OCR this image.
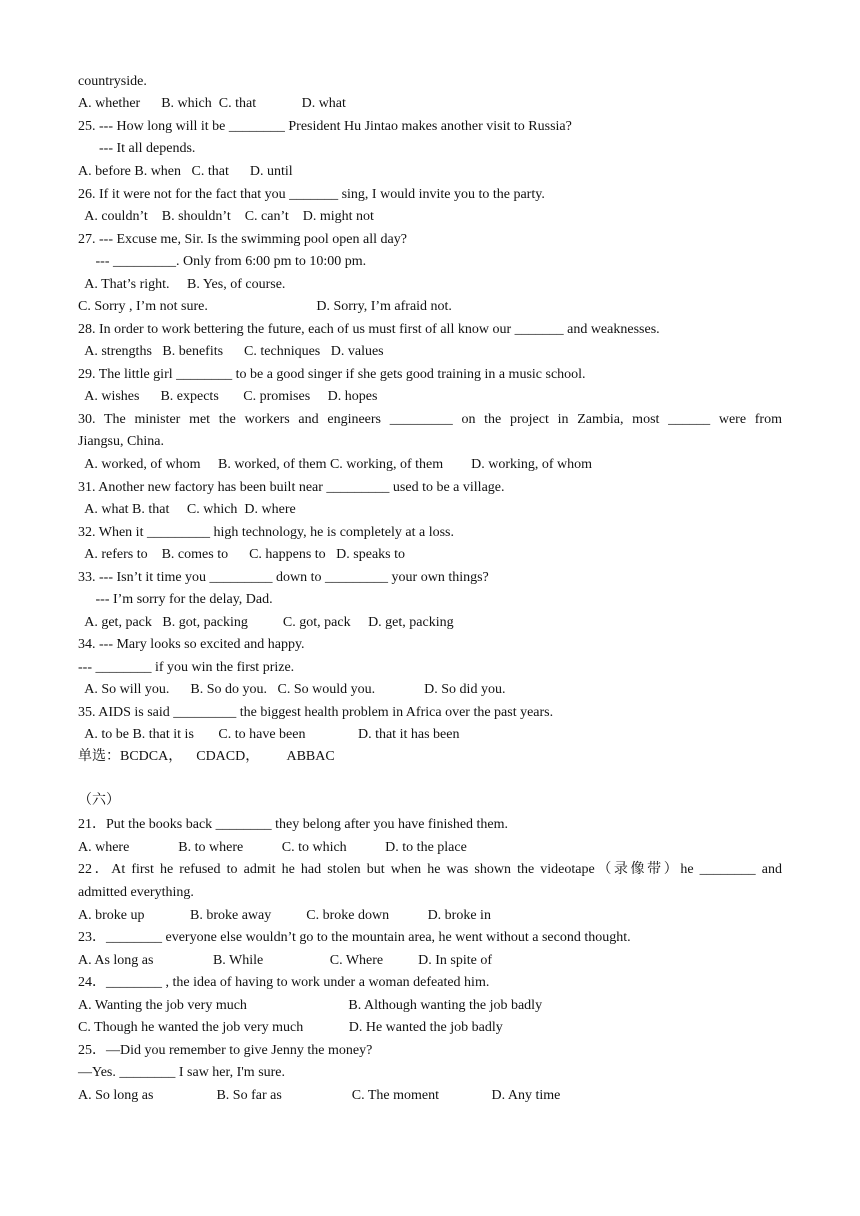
countryside.
A. whether      B. which  C. that             D. what
25. --- How long will it be ________ President Hu Jintao makes another visit to Russia?
--- It all depends.
A. before B. when   C. that      D. until
26. If it were not for the fact that you _______ sing, I would invite you to the party.
A. couldn’t    B. shouldn’t    C. can’t    D. might not
27. --- Excuse me, Sir. Is the swimming pool open all day?
--- _________. Only from 6:00 pm to 10:00 pm.
A. That’s right.     B. Yes, of course.
C. Sorry , I’m not sure.                               D. Sorry, I’m afraid not.
28. In order to work bettering the future, each of us must first of all know our _______ and weaknesses.
A. strengths   B. benefits      C. techniques   D. values
29. The little girl ________ to be a good singer if she gets good training in a music school.
A. wishes      B. expects       C. promises     D. hopes
30. The minister met the workers and engineers _________ on the project in Zambia, most ______ were from
Jiangsu, China.
A. worked, of whom     B. worked, of them C. working, of them        D. working, of whom
31. Another new factory has been built near _________ used to be a village.
A. what B. that     C. which  D. where
32. When it _________ high technology, he is completely at a loss.
A. refers to    B. comes to      C. happens to   D. speaks to
33. --- Isn’t it time you _________ down to _________ your own things?
--- I’m sorry for the delay, Dad.
A. get, pack   B. got, packing          C. got, pack     D. get, packing
34. --- Mary looks so excited and happy.
--- ________ if you win the first prize.
A. So will you.      B. So do you.   C. So would you.              D. So did you.
35. AIDS is said _________ the biggest health problem in Africa over the past years.
A. to be B. that it is       C. to have been               D. that it has been
单选：BCDCA，    CDACD，        ABBAC
（六）
21．Put the books back ________ they belong after you have finished them.
A. where              B. to where           C. to which           D. to the place
22．At first he refused to admit he had stolen but when he was shown the videotape（录像带）he ________ and
admitted everything.
A. broke up             B. broke away          C. broke down           D. broke in
23．________ everyone else wouldn’t go to the mountain area, he went without a second thought.
A. As long as                 B. While                   C. Where          D. In spite of
24．________ , the idea of having to work under a woman defeated him.
A. Wanting the job very much                             B. Although wanting the job badly
C. Though he wanted the job very much             D. He wanted the job badly
25．—Did you remember to give Jenny the money?
—Yes. ________ I saw her, I'm sure.
A. So long as                  B. So far as                    C. The moment               D. Any time
